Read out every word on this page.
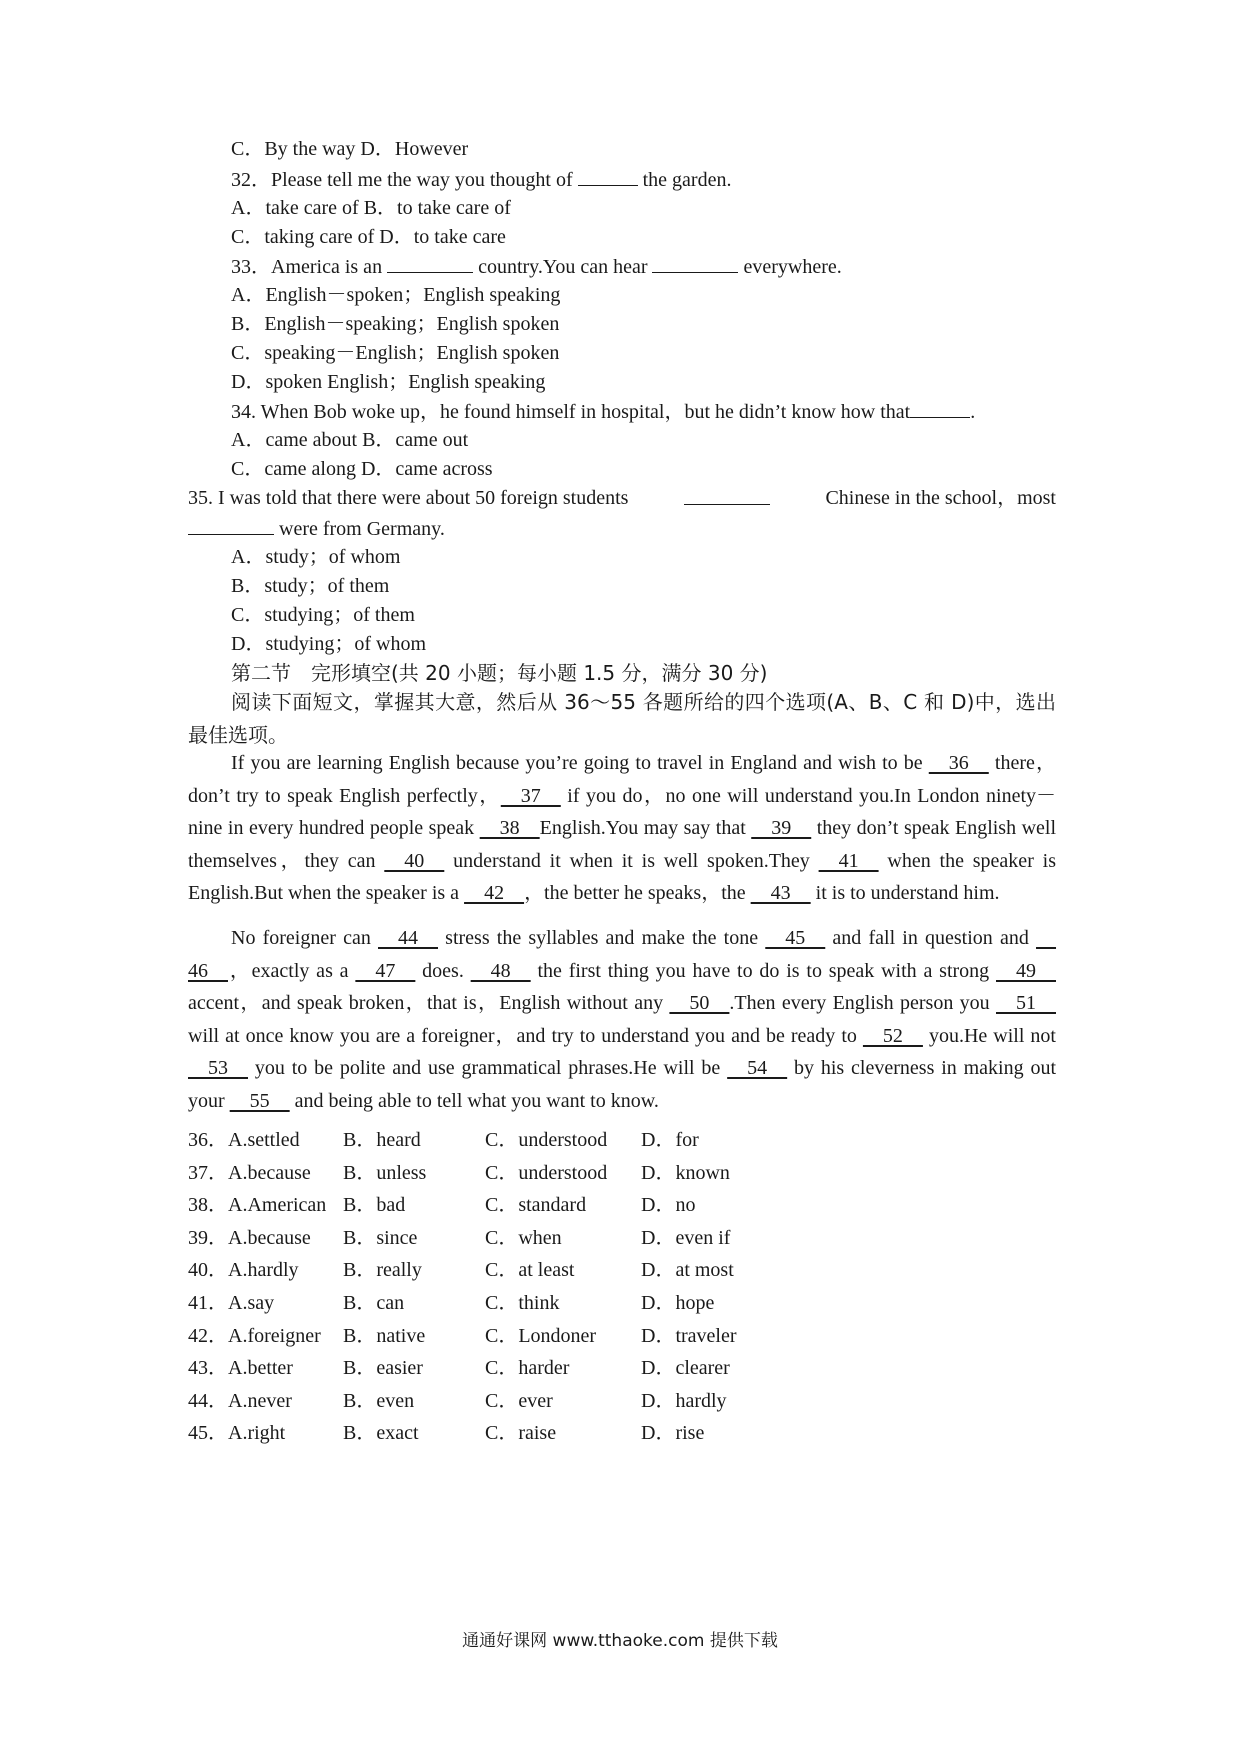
C．By the way D．However
32．Please tell me the way you thought of	the garden.
A．take care of B．to take care of
C．taking care of D．to take care
33．America is an	country.You can hear	everywhere.
A．English－spoken；English speaking
B．English－speaking；English spoken
C．speaking－English；English spoken
D．spoken English；English speaking
34. When Bob woke up，he found himself in hospital，but he didn’t know how that	.
A．came about B．came out
C．came along D．came across
35. I was told that there were about 50 foreign students	Chinese in the school，most
were from Germany.
A．study；of whom
B．study；of them
C．studying；of them
D．studying；of whom
第二节　完形填空(共 20 小题；每小题 1.5 分，满分 30 分)
阅读下面短文，掌握其大意，然后从 36～55 各题所给的四个选项(A、B、C 和 D)中，选出最佳选项。
If you are learning English because you’re going to travel in England and wish to be   36   there，don’t try to speak English perfectly，  37   if you do，no one will understand you.In London ninety－nine in every hundred people speak   38  English.You may say that   39   they don’t speak English well themselves，they can   40   understand it when it is well spoken.They   41   when the speaker is English.But when the speaker is a   42  ，the better he speaks，the   43   it is to understand him.
No foreigner can   44   stress the syllables and make the tone   45   and fall in question and   46  ，exactly as a   47   does.   48   the first thing you have to do is to speak with a strong   49   accent，and speak broken，that is，English without any   50  .Then every English person you   51   will at once know you are a foreigner，and try to understand you and be ready to   52   you.He will not   53   you to be polite and use grammatical phrases.He will be   54   by his cleverness in making out your   55   and being able to tell what you want to know.
36．A.settled	B．heard	C．understood	D．for
37．A.because	B．unless	C．understood	D．known
38．A.American B．bad	C．standard	D．no
39．A.because	B．since	C．when	D．even if
40．A.hardly	B．really	C．at least	D．at most
41．A.say	B．can	C．think	D．hope
42．A.foreigner	B．native	C．Londoner	D．traveler
43．A.better	B．easier	C．harder	D．clearer
44．A.never	B．even	C．ever	D．hardly
45．A.right	B．exact	C．raise	D．rise
通通好课网 www.tthaoke.com 提供下载
